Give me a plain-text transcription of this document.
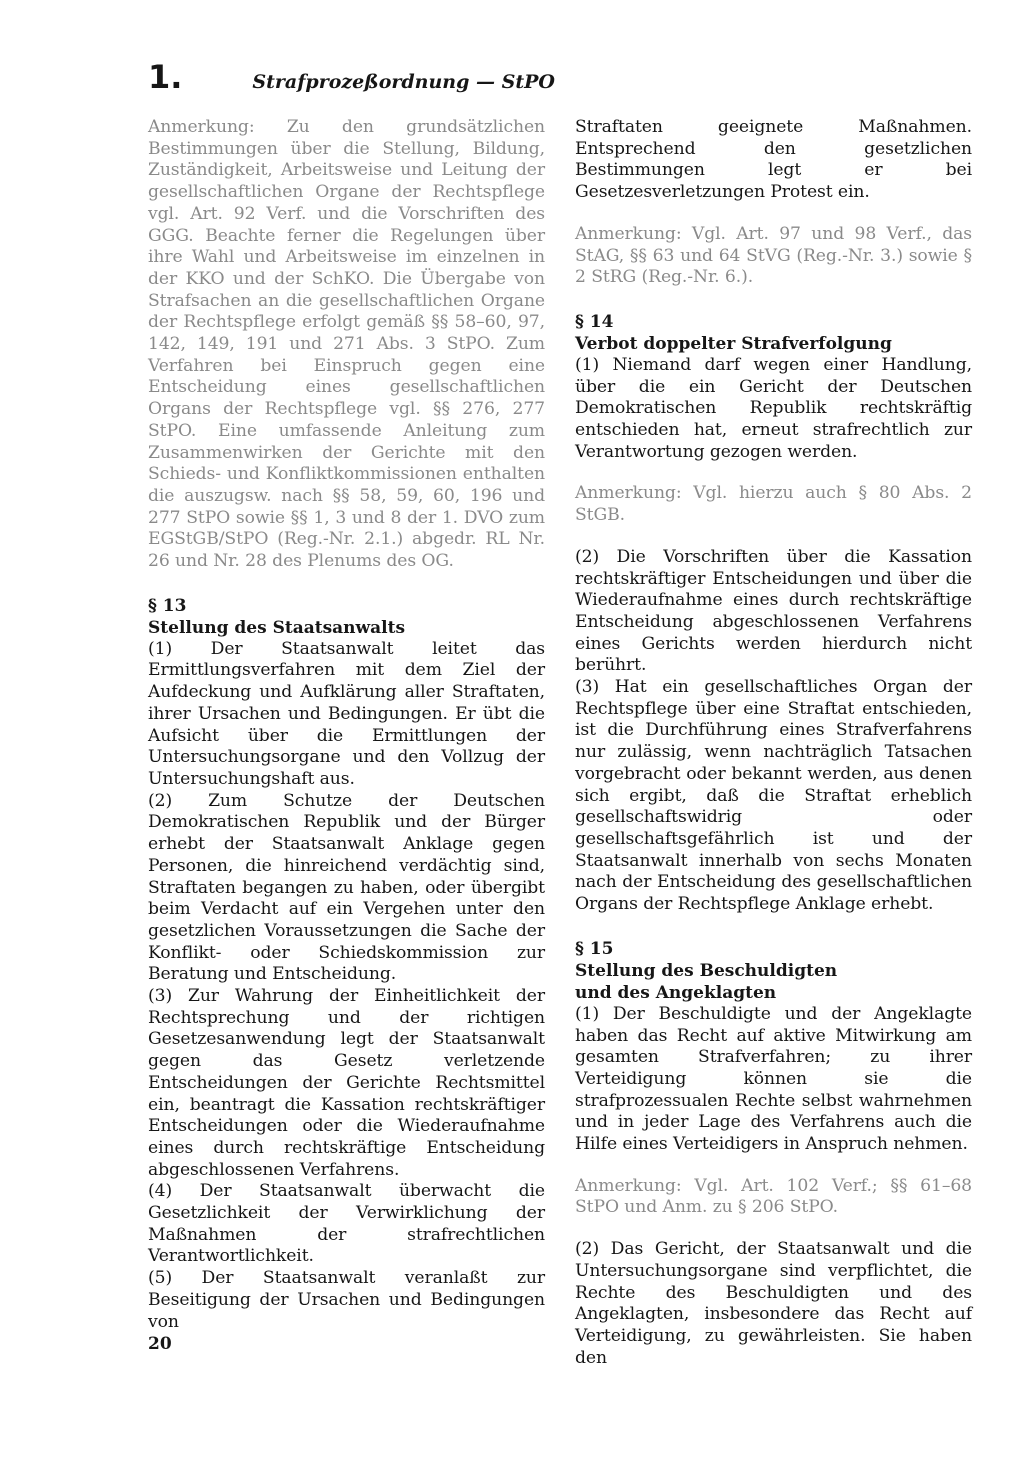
1.	Strafprozeßordnung — StPO

Anmerkung: Zu den grundsätzlichen Bestimmungen über die Stellung, Bildung, Zuständigkeit, Arbeitsweise und Leitung der gesellschaftlichen Organe der Rechtspflege vgl. Art. 92 Verf. und die Vorschriften des GGG. Beachte ferner die Regelungen über ihre Wahl und Arbeitsweise im einzelnen in der KKO und der SchKO. Die Übergabe von Strafsachen an die gesellschaftlichen Organe der Rechtspflege erfolgt gemäß §§ 58–60, 97, 142, 149, 191 und 271 Abs. 3 StPO. Zum Verfahren bei Einspruch gegen eine Entscheidung eines gesellschaftlichen Organs der Rechtspflege vgl. §§ 276, 277 StPO. Eine umfassende Anleitung zum Zusammenwirken der Gerichte mit den Schieds- und Konfliktkommissionen enthalten die auszugsw. nach §§ 58, 59, 60, 196 und 277 StPO sowie §§ 1, 3 und 8 der 1. DVO zum EGStGB/StPO (Reg.-Nr. 2.1.) abgedr. RL Nr. 26 und Nr. 28 des Plenums des OG.

§ 13

Stellung des Staatsanwalts

(1) Der Staatsanwalt leitet das Ermittlungsverfahren mit dem Ziel der Aufdeckung und Aufklärung aller Straftaten, ihrer Ursachen und Bedingungen. Er übt die Aufsicht über die Ermittlungen der Untersuchungsorgane und den Vollzug der Untersuchungshaft aus.

(2) Zum Schutze der Deutschen Demokratischen Republik und der Bürger erhebt der Staatsanwalt Anklage gegen Personen, die hinreichend verdächtig sind, Straftaten begangen zu haben, oder übergibt beim Verdacht auf ein Vergehen unter den gesetzlichen Voraussetzungen die Sache der Konflikt- oder Schiedskommission zur Beratung und Entscheidung.

(3) Zur Wahrung der Einheitlichkeit der Rechtsprechung und der richtigen Gesetzesanwendung legt der Staatsanwalt gegen das Gesetz verletzende Entscheidungen der Gerichte Rechtsmittel ein, beantragt die Kassation rechtskräftiger Entscheidungen oder die Wiederaufnahme eines durch rechtskräftige Entscheidung abgeschlossenen Verfahrens.

(4) Der Staatsanwalt überwacht die Gesetzlichkeit der Verwirklichung der Maßnahmen der strafrechtlichen Verantwortlichkeit.

(5) Der Staatsanwalt veranlaßt zur Beseitigung der Ursachen und Bedingungen von

Straftaten geeignete Maßnahmen. Entsprechend den gesetzlichen Bestimmungen legt er bei Gesetzesverletzungen Protest ein.

Anmerkung: Vgl. Art. 97 und 98 Verf., das StAG, §§ 63 und 64 StVG (Reg.-Nr. 3.) sowie § 2 StRG (Reg.-Nr. 6.).

§ 14

Verbot doppelter Strafverfolgung

(1) Niemand darf wegen einer Handlung, über die ein Gericht der Deutschen Demokratischen Republik rechtskräftig entschieden hat, erneut strafrechtlich zur Verantwortung gezogen werden.

Anmerkung: Vgl. hierzu auch § 80 Abs. 2 StGB.

(2) Die Vorschriften über die Kassation rechtskräftiger Entscheidungen und über die Wiederaufnahme eines durch rechtskräftige Entscheidung abgeschlossenen Verfahrens eines Gerichts werden hierdurch nicht berührt.

(3) Hat ein gesellschaftliches Organ der Rechtspflege über eine Straftat entschieden, ist die Durchführung eines Strafverfahrens nur zulässig, wenn nachträglich Tatsachen vorgebracht oder bekannt werden, aus denen sich ergibt, daß die Straftat erheblich gesellschaftswidrig oder gesellschaftsgefährlich ist und der Staatsanwalt innerhalb von sechs Monaten nach der Entscheidung des gesellschaftlichen Organs der Rechtspflege Anklage erhebt.

§ 15

Stellung des Beschuldigten

und des Angeklagten

(1) Der Beschuldigte und der Angeklagte haben das Recht auf aktive Mitwirkung am gesamten Strafverfahren; zu ihrer Verteidigung können sie die strafprozessualen Rechte selbst wahrnehmen und in jeder Lage des Verfahrens auch die Hilfe eines Verteidigers in Anspruch nehmen.

Anmerkung: Vgl. Art. 102 Verf.; §§ 61–68 StPO und Anm. zu § 206 StPO.

(2) Das Gericht, der Staatsanwalt und die Untersuchungsorgane sind verpflichtet, die Rechte des Beschuldigten und des Angeklagten, insbesondere das Recht auf Verteidigung, zu gewährleisten. Sie haben den

20
